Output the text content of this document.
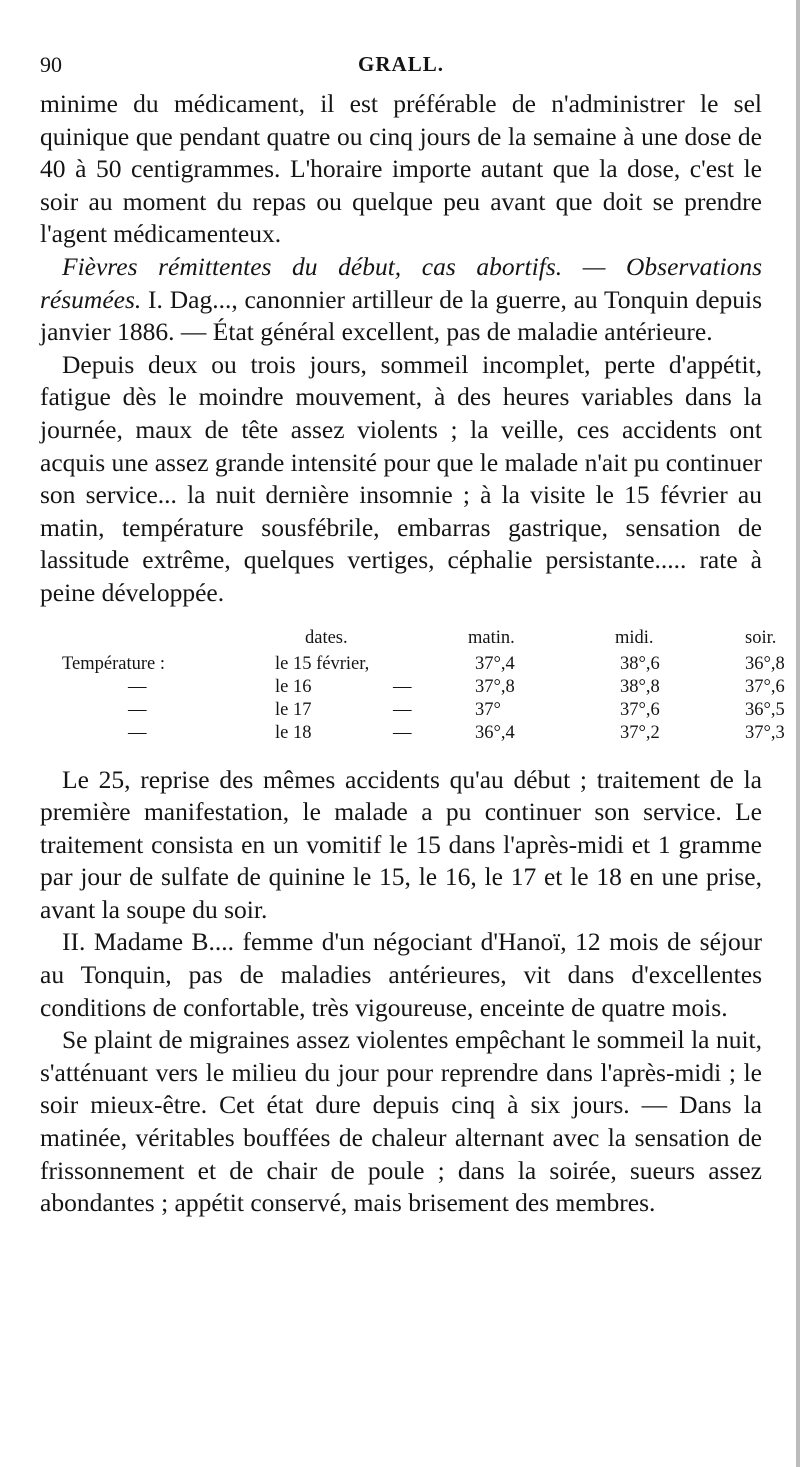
90	GRALL.

minime du médicament, il est préférable de n'administrer le sel quinique que pendant quatre ou cinq jours de la semaine à une dose de 40 à 50 centigrammes. L'horaire importe autant que la dose, c'est le soir au moment du repas ou quelque peu avant que doit se prendre l'agent médicamenteux.

Fièvres rémittentes du début, cas abortifs. — Observations résumées. I. Dag..., canonnier artilleur de la guerre, au Tonquin depuis janvier 1886. — État général excellent, pas de maladie antérieure.

Depuis deux ou trois jours, sommeil incomplet, perte d'appétit, fatigue dès le moindre mouvement, à des heures variables dans la journée, maux de tête assez violents ; la veille, ces accidents ont acquis une assez grande intensité pour que le malade n'ait pu continuer son service... la nuit dernière insomnie ; à la visite le 15 février au matin, température sousfébrile, embarras gastrique, sensation de lassitude extrême, quelques vertiges, céphalie persistante..... rate à peine développée.

dates.	matin.	midi.	soir.
Température :	le 15 février,	37°,4	38°,6	36°,8
—	le 16	—	37°,8	38°,8	37°,6
—	le 17	—	37°	37°,6	36°,5
—	le 18	—	36°,4	37°,2	37°,3

Le 25, reprise des mêmes accidents qu'au début ; traitement de la première manifestation, le malade a pu continuer son service. Le traitement consista en un vomitif le 15 dans l'après-midi et 1 gramme par jour de sulfate de quinine le 15, le 16, le 17 et le 18 en une prise, avant la soupe du soir.

II. Madame B.... femme d'un négociant d'Hanoï, 12 mois de séjour au Tonquin, pas de maladies antérieures, vit dans d'excellentes conditions de confortable, très vigoureuse, enceinte de quatre mois.

Se plaint de migraines assez violentes empêchant le sommeil la nuit, s'atténuant vers le milieu du jour pour reprendre dans l'après-midi ; le soir mieux-être. Cet état dure depuis cinq à six jours. — Dans la matinée, véritables bouffées de chaleur alternant avec la sensation de frissonnement et de chair de poule ; dans la soirée, sueurs assez abondantes ; appétit conservé, mais brisement des membres.
